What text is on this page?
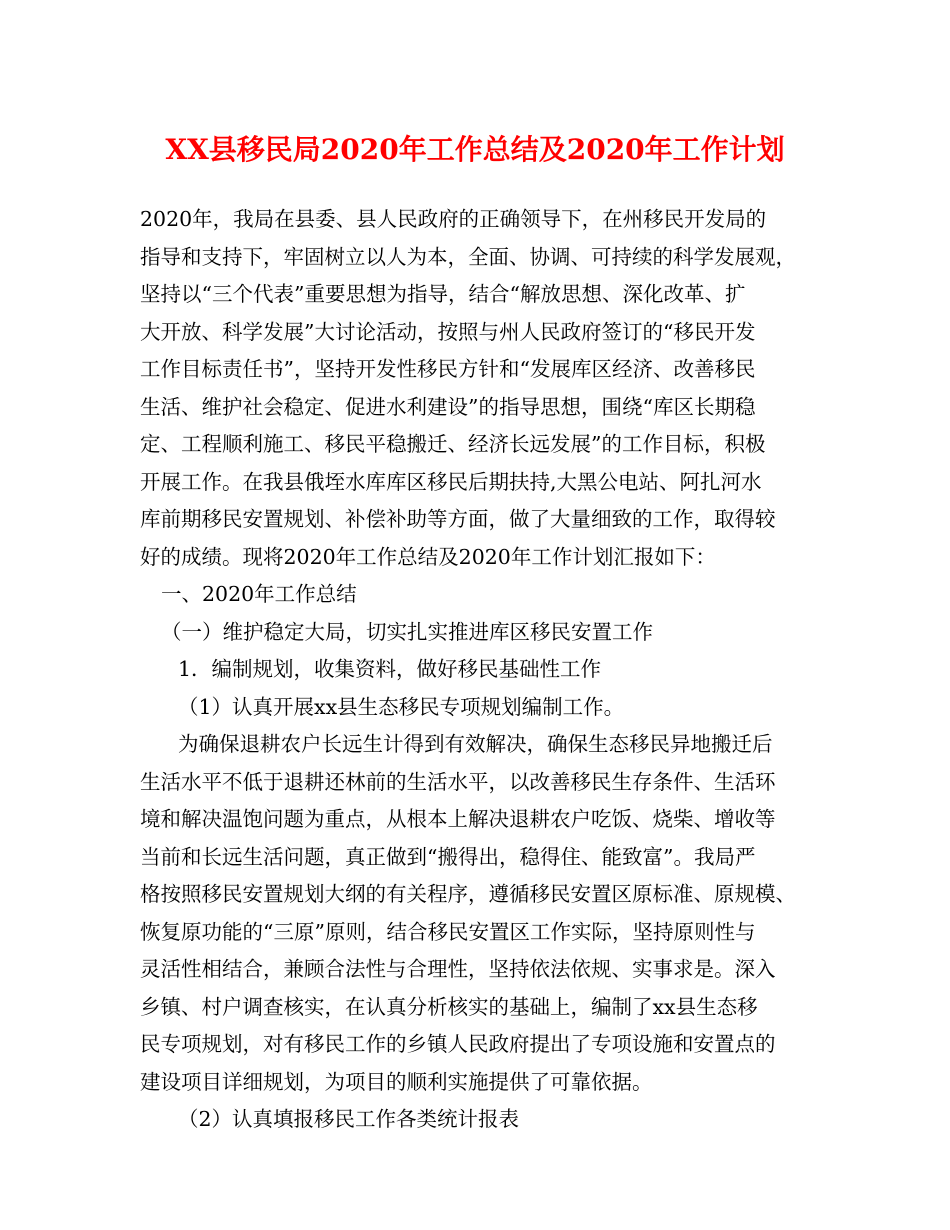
XX县移民局2020年工作总结及2020年工作计划
2020年，我局在县委、县人民政府的正确领导下，在州移民开发局的
指导和支持下，牢固树立以人为本，全面、协调、可持续的科学发展观，
坚持以“三个代表”重要思想为指导，结合“解放思想、深化改革、扩
大开放、科学发展”大讨论活动，按照与州人民政府签订的“移民开发
工作目标责任书”，坚持开发性移民方针和“发展库区经济、改善移民
生活、维护社会稳定、促进水利建设”的指导思想，围绕“库区长期稳
定、工程顺利施工、移民平稳搬迁、经济长远发展”的工作目标，积极
开展工作。在我县俄垤水库库区移民后期扶持,大黑公电站、阿扎河水
库前期移民安置规划、补偿补助等方面，做了大量细致的工作，取得较
好的成绩。现将2020年工作总结及2020年工作计划汇报如下：
一、2020年工作总结
（一）维护稳定大局，切实扎实推进库区移民安置工作
1．编制规划，收集资料，做好移民基础性工作
（1）认真开展xx县生态移民专项规划编制工作。
为确保退耕农户长远生计得到有效解决，确保生态移民异地搬迁后
生活水平不低于退耕还林前的生活水平，以改善移民生存条件、生活环
境和解决温饱问题为重点，从根本上解决退耕农户吃饭、烧柴、增收等
当前和长远生活问题，真正做到“搬得出，稳得住、能致富”。我局严
格按照移民安置规划大纲的有关程序，遵循移民安置区原标准、原规模、
恢复原功能的“三原”原则，结合移民安置区工作实际，坚持原则性与
灵活性相结合，兼顾合法性与合理性，坚持依法依规、实事求是。深入
乡镇、村户调查核实，在认真分析核实的基础上，编制了xx县生态移
民专项规划，对有移民工作的乡镇人民政府提出了专项设施和安置点的
建设项目详细规划，为项目的顺利实施提供了可靠依据。
（2）认真填报移民工作各类统计报表
